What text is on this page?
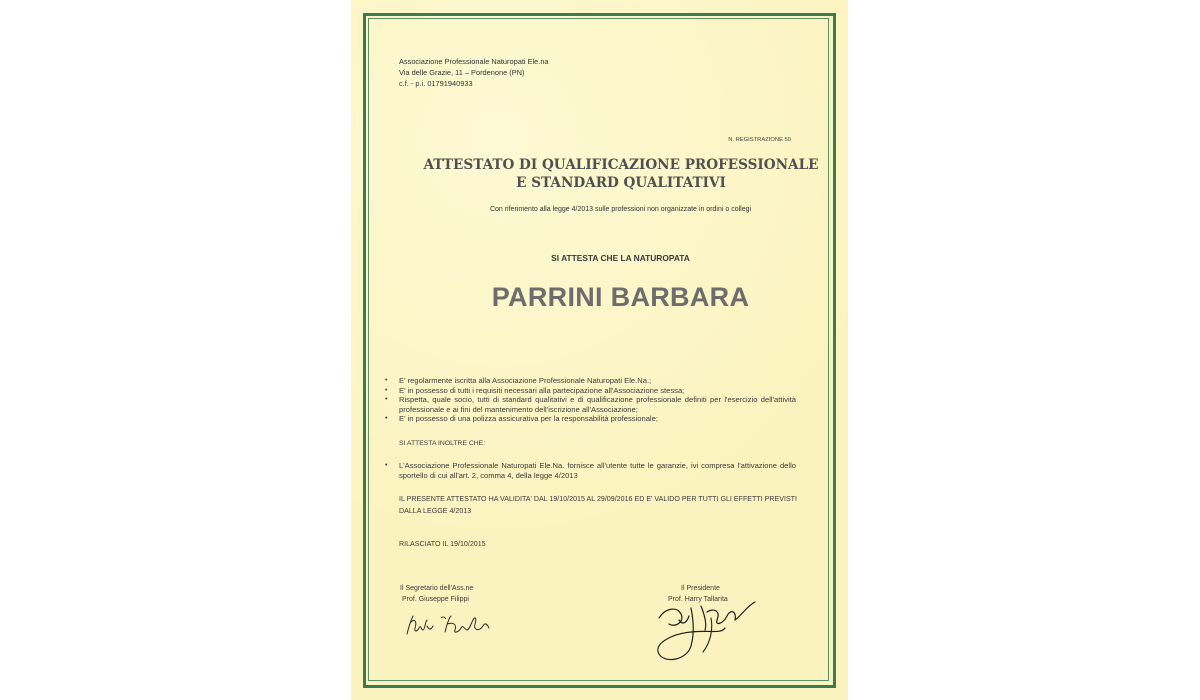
Associazione Professionale Naturopati Ele.na
Via delle Grazie, 11 – Pordenone (PN)
c.f. - p.i. 01791940933
N. REGISTRAZIONE 50
ATTESTATO DI QUALIFICAZIONE PROFESSIONALE
E STANDARD QUALITATIVI
Con riferimento alla legge 4/2013 sulle professioni non organizzate in ordini o collegi
SI ATTESTA CHE LA NATUROPATA
PARRINI BARBARA
• E' regolarmente iscritta alla Associazione Professionale Naturopati Ele.Na.;
• E' in possesso di tutti i requisiti necessari alla partecipazione all'Associazione stessa;
• Rispetta, quale socio, tutti di standard qualitativi e di qualificazione professionale definiti per l'esercizio dell'attività professionale e ai fini del mantenimento dell'iscrizione all'Associazione;
• E' in possesso di una polizza assicurativa per la responsabilità professionale;
SI ATTESTA INOLTRE CHE:
• L'Associazione Professionale Naturopati Ele.Na. fornisce all'utente tutte le garanzie, ivi compresa l'attivazione dello sportello di cui all'art. 2, comma 4, della legge 4/2013
IL PRESENTE ATTESTATO HA VALIDITA' DAL 19/10/2015 AL 29/09/2016 ED E' VALIDO PER TUTTI GLI EFFETTI PREVISTI DALLA LEGGE 4/2013
RILASCIATO IL 19/10/2015
Il Segretario dell'Ass.ne
Prof. Giuseppe Filippi
Il Presidente
Prof. Harry Tallarita
